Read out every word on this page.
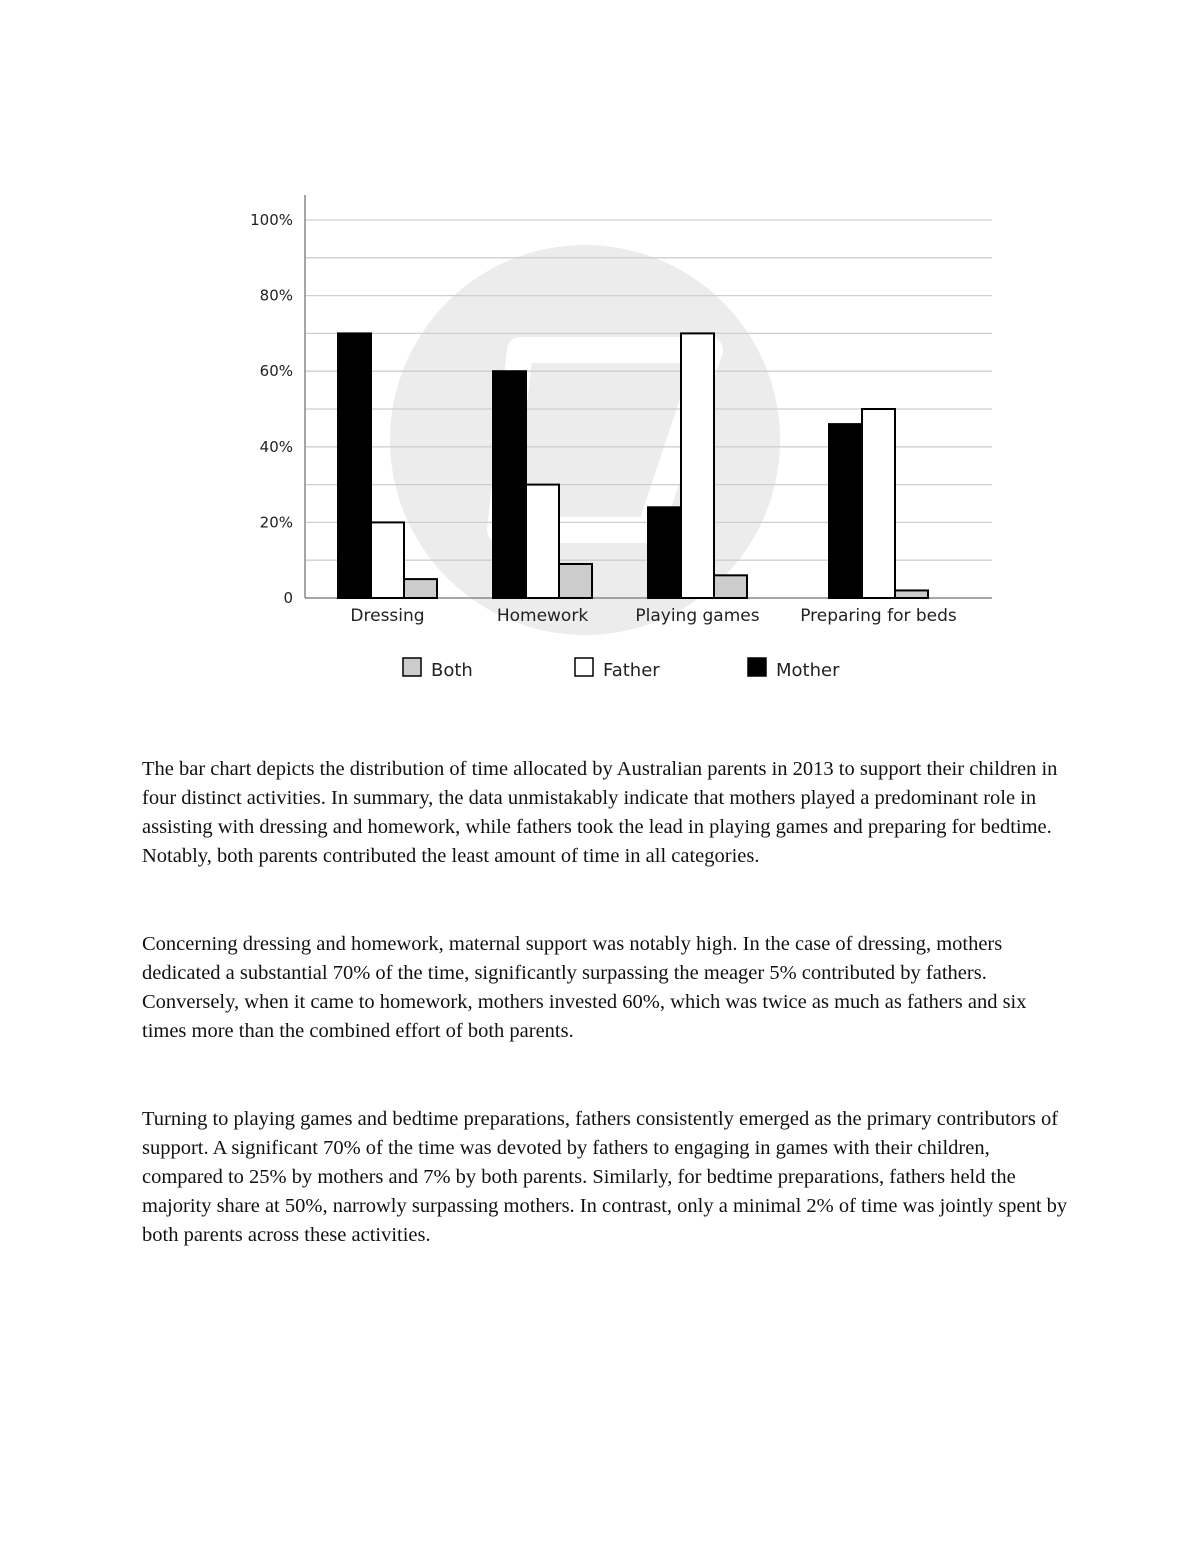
0
20%
40%
60%
80%
100%
Dressing	Homework	Playing games Preparing for beds
Both	Father	Mother

The bar chart depicts the distribution of time allocated by Australian parents in 2013 to support their children in four distinct activities. In summary, the data unmistakably indicate that mothers played a predominant role in assisting with dressing and homework, while fathers took the lead in playing games and preparing for bedtime. Notably, both parents contributed the least amount of time in all categories.

Concerning dressing and homework, maternal support was notably high. In the case of dressing, mothers dedicated a substantial 70% of the time, significantly surpassing the meager 5% contributed by fathers. Conversely, when it came to homework, mothers invested 60%, which was twice as much as fathers and six times more than the combined effort of both parents.

Turning to playing games and bedtime preparations, fathers consistently emerged as the primary contributors of support. A significant 70% of the time was devoted by fathers to engaging in games with their children, compared to 25% by mothers and 7% by both parents. Similarly, for bedtime preparations, fathers held the majority share at 50%, narrowly surpassing mothers. In contrast, only a minimal 2% of time was jointly spent by both parents across these activities.
